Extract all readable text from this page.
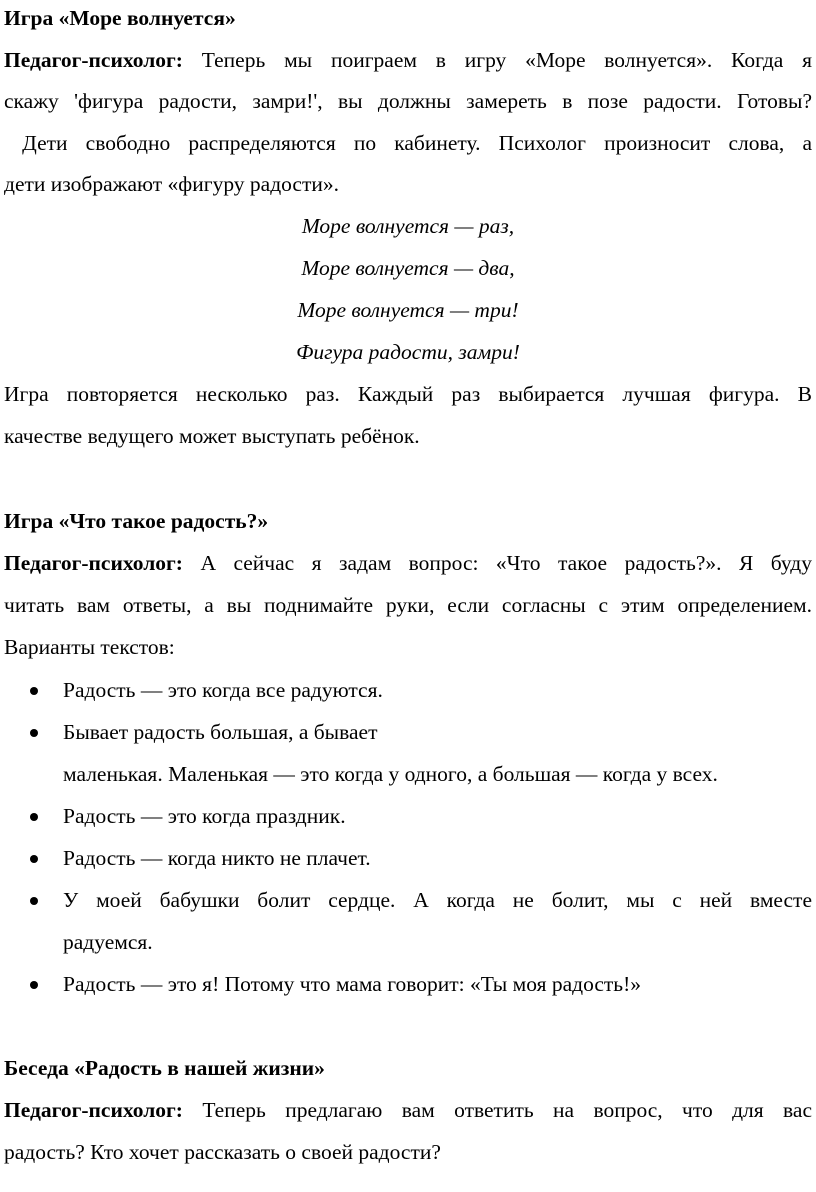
Игра «Море волнуется»
Педагог-психолог: Теперь мы поиграем в игру «Море волнуется». Когда я
скажу 'фигура радости, замри!', вы должны замереть в позе радости. Готовы?
Дети свободно распределяются по кабинету. Психолог произносит слова, а
дети изображают «фигуру радости».
Море волнуется — раз,
Море волнуется — два,
Море волнуется — три!
Фигура радости, замри!
Игра повторяется несколько раз. Каждый раз выбирается лучшая фигура. В
качестве ведущего может выступать ребёнок.
Игра «Что такое радость?»
Педагог-психолог: А сейчас я задам вопрос: «Что такое радость?». Я буду
читать вам ответы, а вы поднимайте руки, если согласны с этим определением.
Варианты текстов:
Радость — это когда все радуются.
Бывает радость большая, а бывает
маленькая. Маленькая — это когда у одного, а большая — когда у всех.
Радость — это когда праздник.
Радость — когда никто не плачет.
У моей бабушки болит сердце. А когда не болит, мы с ней вместе
радуемся.
Радость — это я! Потому что мама говорит: «Ты моя радость!»
Беседа «Радость в нашей жизни»
Педагог-психолог: Теперь предлагаю вам ответить на вопрос, что для вас
радость? Кто хочет рассказать о своей радости?
